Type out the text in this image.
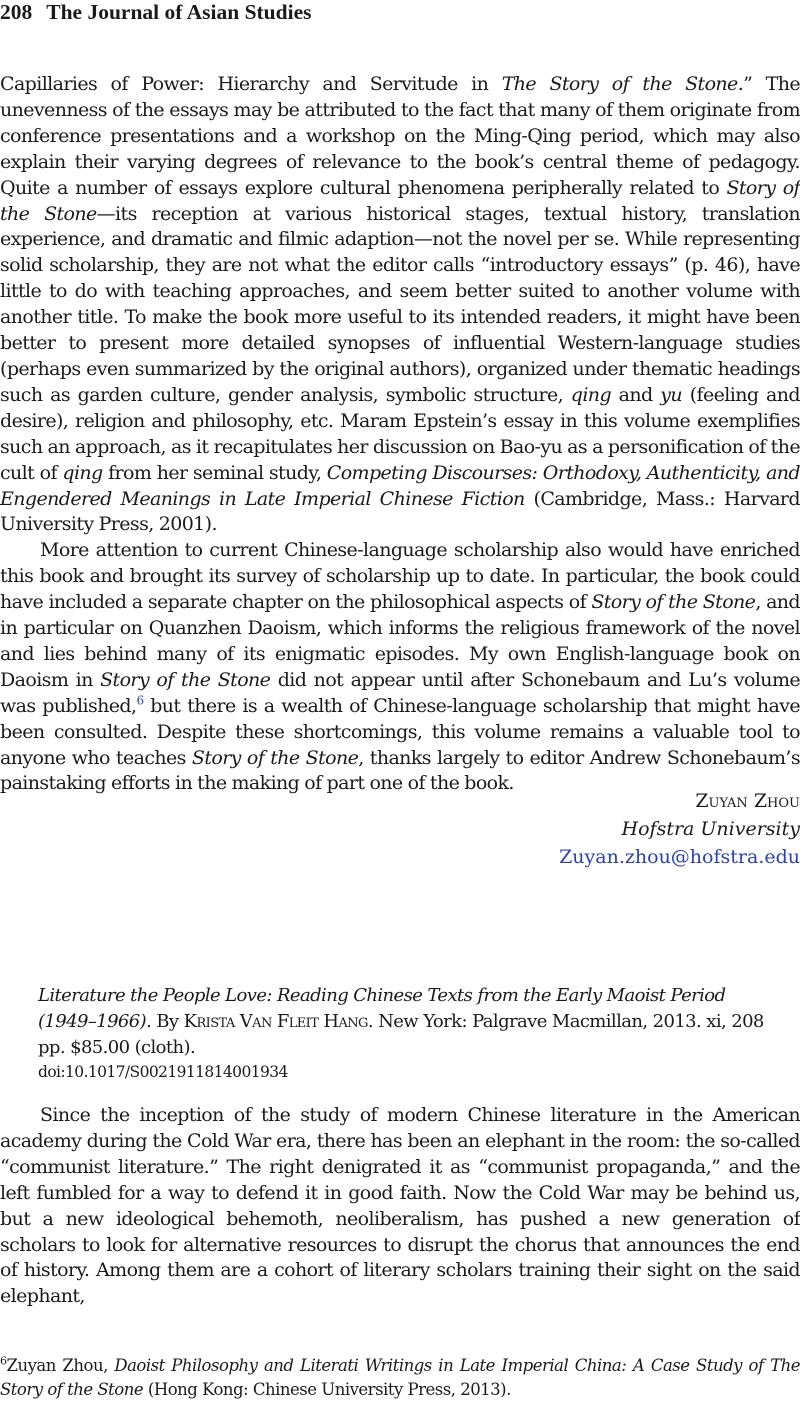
208 The Journal of Asian Studies

Capillaries of Power: Hierarchy and Servitude in The Story of the Stone.” The unevenness of the essays may be attributed to the fact that many of them originate from conference presentations and a workshop on the Ming-Qing period, which may also explain their varying degrees of relevance to the book’s central theme of pedagogy. Quite a number of essays explore cultural phenomena peripherally related to Story of the Stone—its reception at various historical stages, textual history, translation experience, and dramatic and filmic adaption—not the novel per se. While representing solid scholarship, they are not what the editor calls “introductory essays” (p. 46), have little to do with teaching approaches, and seem better suited to another volume with another title. To make the book more useful to its intended readers, it might have been better to present more detailed synopses of influential Western-language studies (perhaps even summarized by the original authors), organized under thematic headings such as garden culture, gender analysis, symbolic structure, qing and yu (feeling and desire), religion and philosophy, etc. Maram Epstein’s essay in this volume exemplifies such an approach, as it recapitulates her discussion on Bao-yu as a personification of the cult of qing from her seminal study, Competing Discourses: Orthodoxy, Authenticity, and Engendered Meanings in Late Imperial Chinese Fiction (Cambridge, Mass.: Harvard University Press, 2001).

More attention to current Chinese-language scholarship also would have enriched this book and brought its survey of scholarship up to date. In particular, the book could have included a separate chapter on the philosophical aspects of Story of the Stone, and in particular on Quanzhen Daoism, which informs the religious framework of the novel and lies behind many of its enigmatic episodes. My own English-language book on Daoism in Story of the Stone did not appear until after Schonebaum and Lu’s volume was published,$^6$ but there is a wealth of Chinese-language scholarship that might have been consulted. Despite these shortcomings, this volume remains a valuable tool to anyone who teaches Story of the Stone, thanks largely to editor Andrew Schonebaum’s painstaking efforts in the making of part one of the book.

Zuyan Zhou
Hofstra University
Zuyan.zhou@hofstra.edu
Literature the People Love: Reading Chinese Texts from the Early Maoist Period (1949–1966). By Krista Van Fleit Hang. New York: Palgrave Macmillan, 2013. xi, 208 pp. $85.00 (cloth).
doi:10.1017/S0021911814001934

Since the inception of the study of modern Chinese literature in the American academy during the Cold War era, there has been an elephant in the room: the so-called “communist literature.” The right denigrated it as “communist propaganda,” and the left fumbled for a way to defend it in good faith. Now the Cold War may be behind us, but a new ideological behemoth, neoliberalism, has pushed a new generation of scholars to look for alternative resources to disrupt the chorus that announces the end of history. Among them are a cohort of literary scholars training their sight on the said elephant,

$^6$Zuyan Zhou, Daoist Philosophy and Literati Writings in Late Imperial China: A Case Study of The Story of the Stone (Hong Kong: Chinese University Press, 2013).
